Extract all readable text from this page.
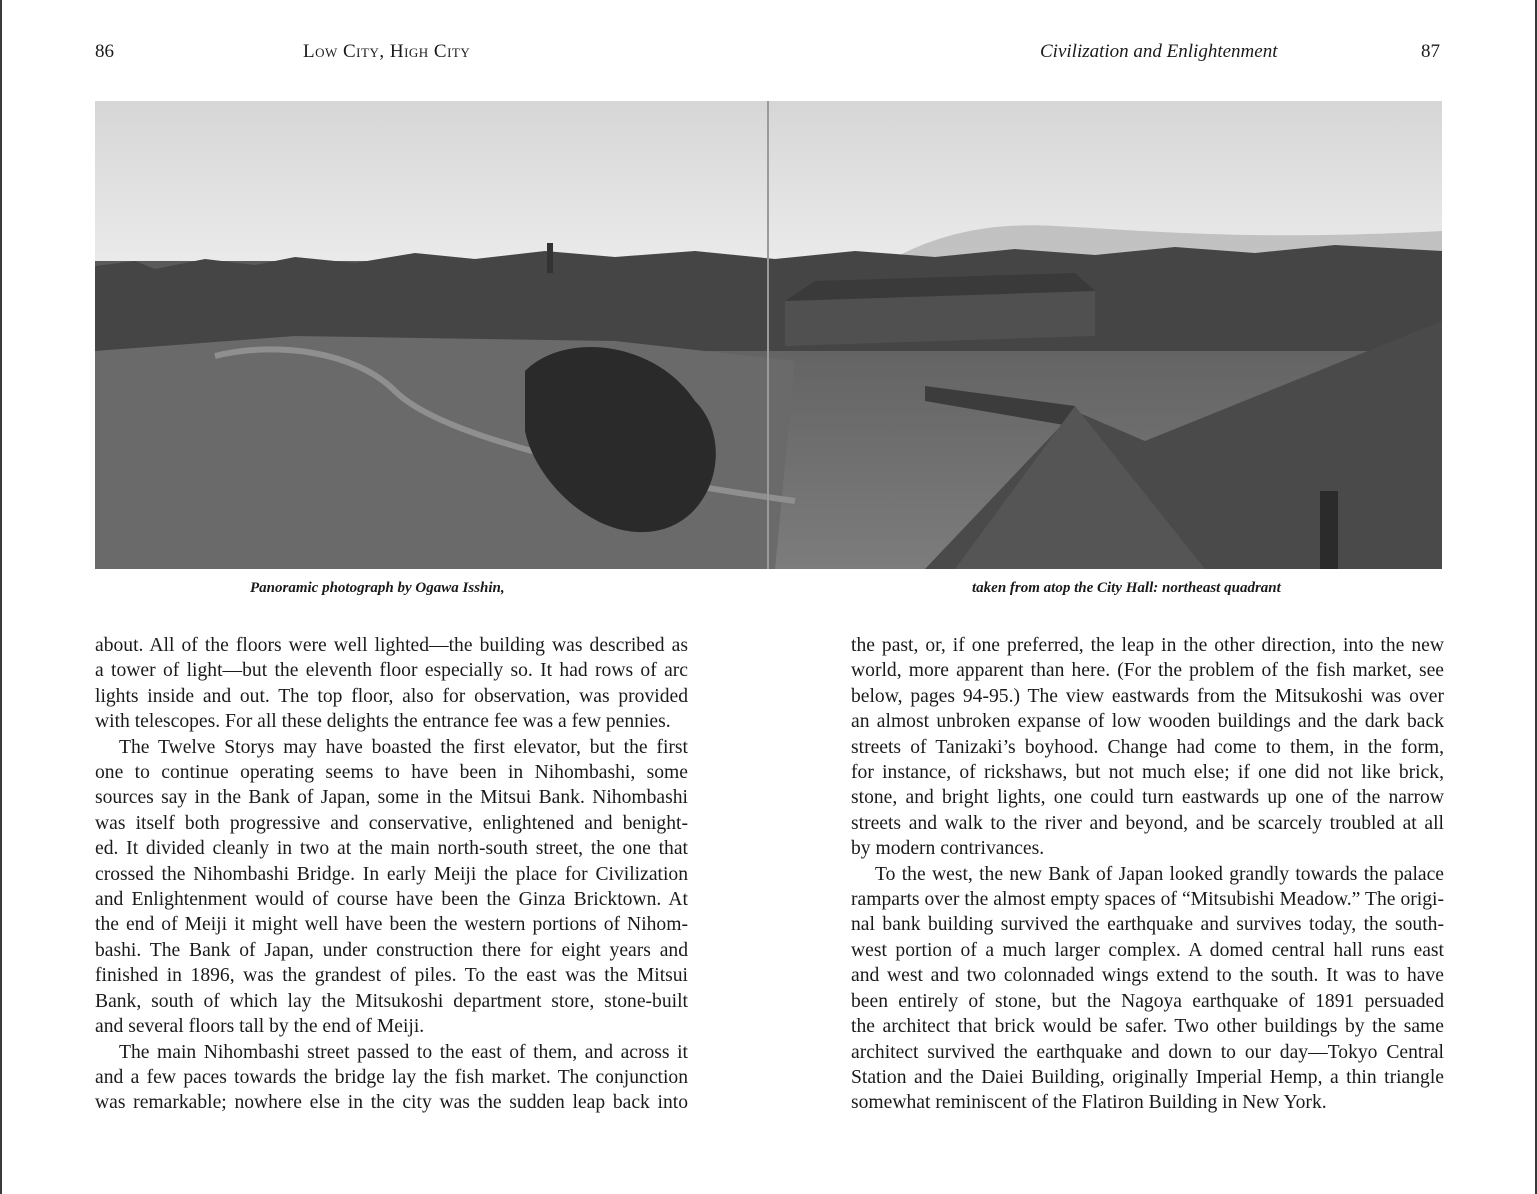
86	Low City, High City	Civilization and Enlightenment	87
Panoramic photograph by Ogawa Isshin,	taken from atop the City Hall: northeast quadrant
about. All of the floors were well lighted—the building was described as
a tower of light—but the eleventh floor especially so. It had rows of arc
lights inside and out. The top floor, also for observation, was provided
with telescopes. For all these delights the entrance fee was a few pennies.
The Twelve Storys may have boasted the first elevator, but the first
one to continue operating seems to have been in Nihombashi, some
sources say in the Bank of Japan, some in the Mitsui Bank. Nihombashi
was itself both progressive and conservative, enlightened and benight-
ed. It divided cleanly in two at the main north-south street, the one that
crossed the Nihombashi Bridge. In early Meiji the place for Civilization
and Enlightenment would of course have been the Ginza Bricktown. At
the end of Meiji it might well have been the western portions of Nihom-
bashi. The Bank of Japan, under construction there for eight years and
finished in 1896, was the grandest of piles. To the east was the Mitsui
Bank, south of which lay the Mitsukoshi department store, stone-built
and several floors tall by the end of Meiji.
The main Nihombashi street passed to the east of them, and across it
and a few paces towards the bridge lay the fish market. The conjunction
was remarkable; nowhere else in the city was the sudden leap back into
the past, or, if one preferred, the leap in the other direction, into the new
world, more apparent than here. (For the problem of the fish market, see
below, pages 94-95.) The view eastwards from the Mitsukoshi was over
an almost unbroken expanse of low wooden buildings and the dark back
streets of Tanizaki’s boyhood. Change had come to them, in the form,
for instance, of rickshaws, but not much else; if one did not like brick,
stone, and bright lights, one could turn eastwards up one of the narrow
streets and walk to the river and beyond, and be scarcely troubled at all
by modern contrivances.
To the west, the new Bank of Japan looked grandly towards the palace
ramparts over the almost empty spaces of “Mitsubishi Meadow.” The origi-
nal bank building survived the earthquake and survives today, the south-
west portion of a much larger complex. A domed central hall runs east
and west and two colonnaded wings extend to the south. It was to have
been entirely of stone, but the Nagoya earthquake of 1891 persuaded
the architect that brick would be safer. Two other buildings by the same
architect survived the earthquake and down to our day—Tokyo Central
Station and the Daiei Building, originally Imperial Hemp, a thin triangle
somewhat reminiscent of the Flatiron Building in New York.
